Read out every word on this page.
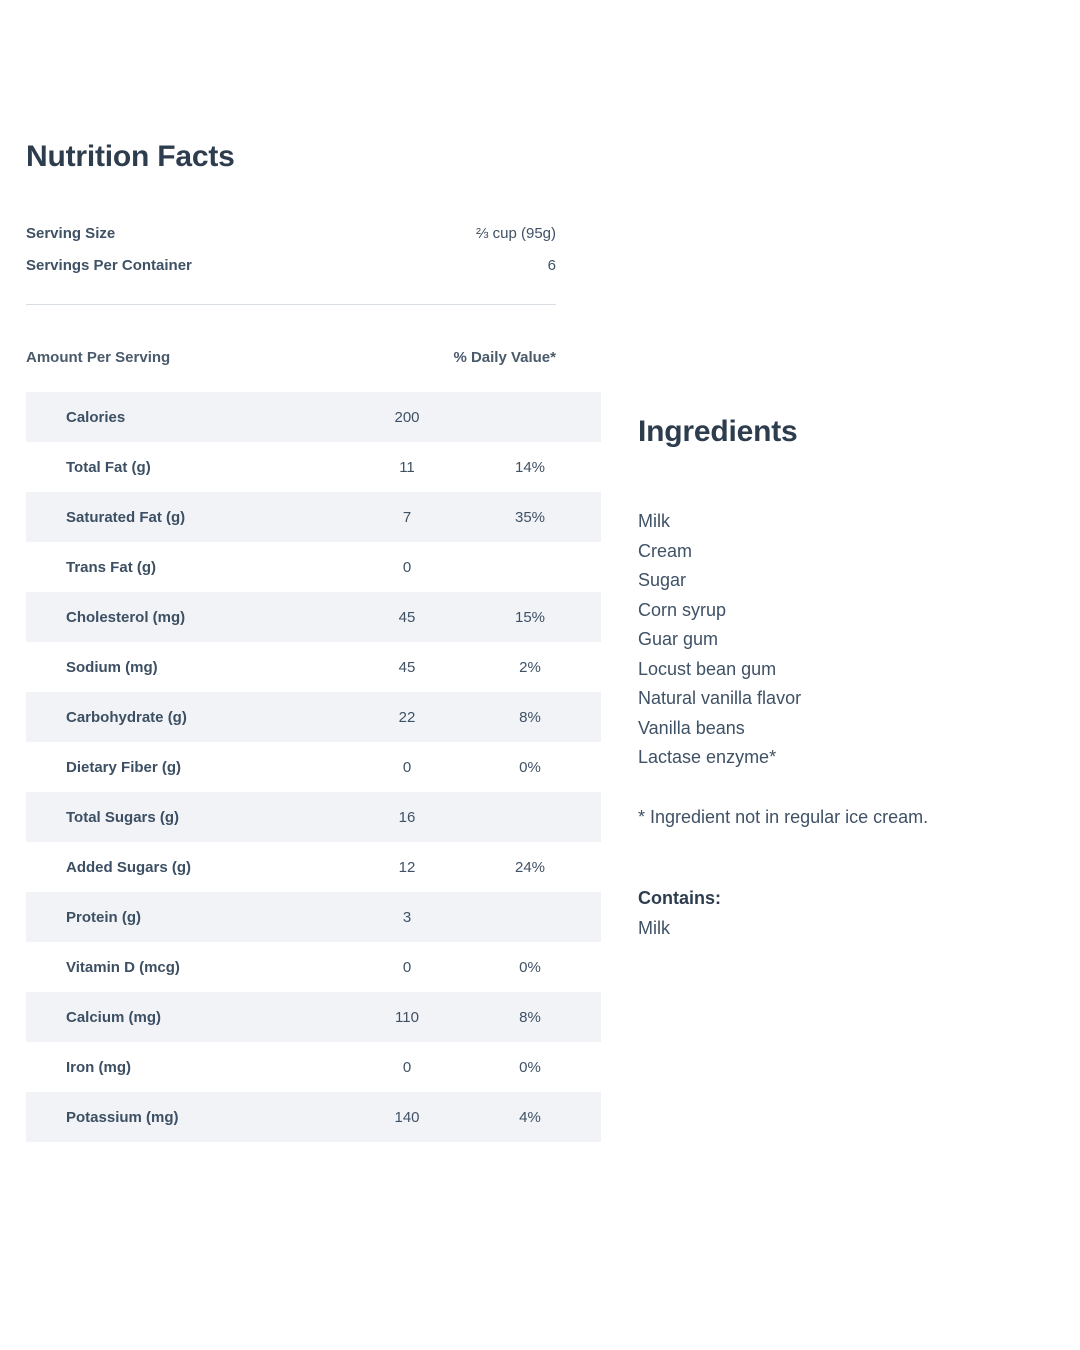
Nutrition Facts
Serving Size	⅔ cup (95g)
Servings Per Container	6
Amount Per Serving	% Daily Value*
Calories	200	
Total Fat (g)	11	14%
Saturated Fat (g)	7	35%
Trans Fat (g)	0	
Cholesterol (mg)	45	15%
Sodium (mg)	45	2%
Carbohydrate (g)	22	8%
Dietary Fiber (g)	0	0%
Total Sugars (g)	16	
Added Sugars (g)	12	24%
Protein (g)	3	
Vitamin D (mcg)	0	0%
Calcium (mg)	110	8%
Iron (mg)	0	0%
Potassium (mg)	140	4%
Ingredients
Milk
Cream
Sugar
Corn syrup
Guar gum
Locust bean gum
Natural vanilla flavor
Vanilla beans
Lactase enzyme*

* Ingredient not in regular ice cream.

Contains:
Milk
